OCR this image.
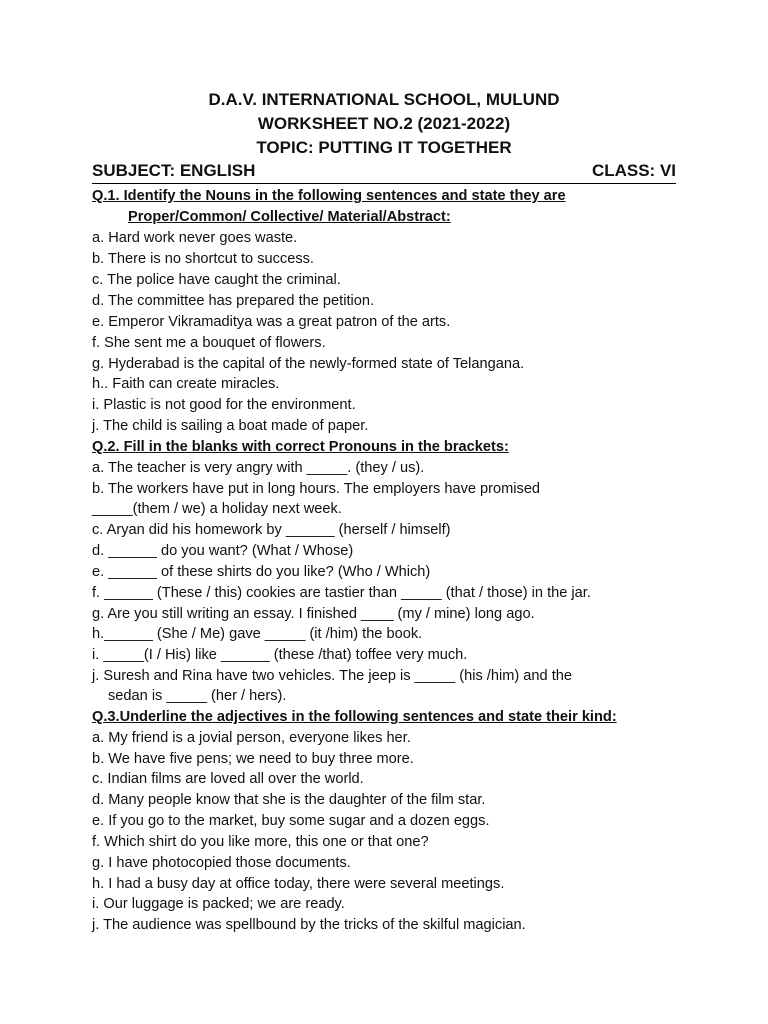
D.A.V. INTERNATIONAL SCHOOL, MULUND
WORKSHEET NO.2 (2021-2022)
TOPIC: PUTTING IT TOGETHER
SUBJECT: ENGLISH	CLASS: VI
Q.1. Identify the Nouns in the following sentences and state they are
Proper/Common/ Collective/ Material/Abstract:
a. Hard work never goes waste.
b. There is no shortcut to success.
c. The police have caught the criminal.
d. The committee has prepared the petition.
e. Emperor Vikramaditya was a great patron of the arts.
f. She sent me a bouquet of flowers.
g. Hyderabad is the capital of the newly-formed state of Telangana.
h.. Faith can create miracles.
i. Plastic is not good for the environment.
j. The child is sailing a boat made of paper.
Q.2. Fill in the blanks with correct Pronouns in the brackets:
a. The teacher is very angry with _____. (they / us).
b. The workers have put in long hours. The employers have promised
_____(them / we) a holiday next week.
c. Aryan did his homework by ______ (herself / himself)
d. ______ do you want? (What / Whose)
e. ______ of these shirts do you like? (Who / Which)
f. ______ (These / this) cookies are tastier than _____ (that / those) in the jar.
g. Are you still writing an essay. I finished ____ (my / mine) long ago.
h.______ (She / Me) gave _____ (it /him) the book.
i. _____(I / His) like ______ (these /that) toffee very much.
j. Suresh and Rina have two vehicles. The jeep is _____ (his /him) and the
sedan is _____ (her / hers).
Q.3.Underline the adjectives in the following sentences and state their kind:
a. My friend is a jovial person, everyone likes her.
b. We have five pens; we need to buy three more.
c. Indian films are loved all over the world.
d. Many people know that she is the daughter of the film star.
e. If you go to the market, buy some sugar and a dozen eggs.
f. Which shirt do you like more, this one or that one?
g. I have photocopied those documents.
h. I had a busy day at office today, there were several meetings.
i. Our luggage is packed; we are ready.
j. The audience was spellbound by the tricks of the skilful magician.
